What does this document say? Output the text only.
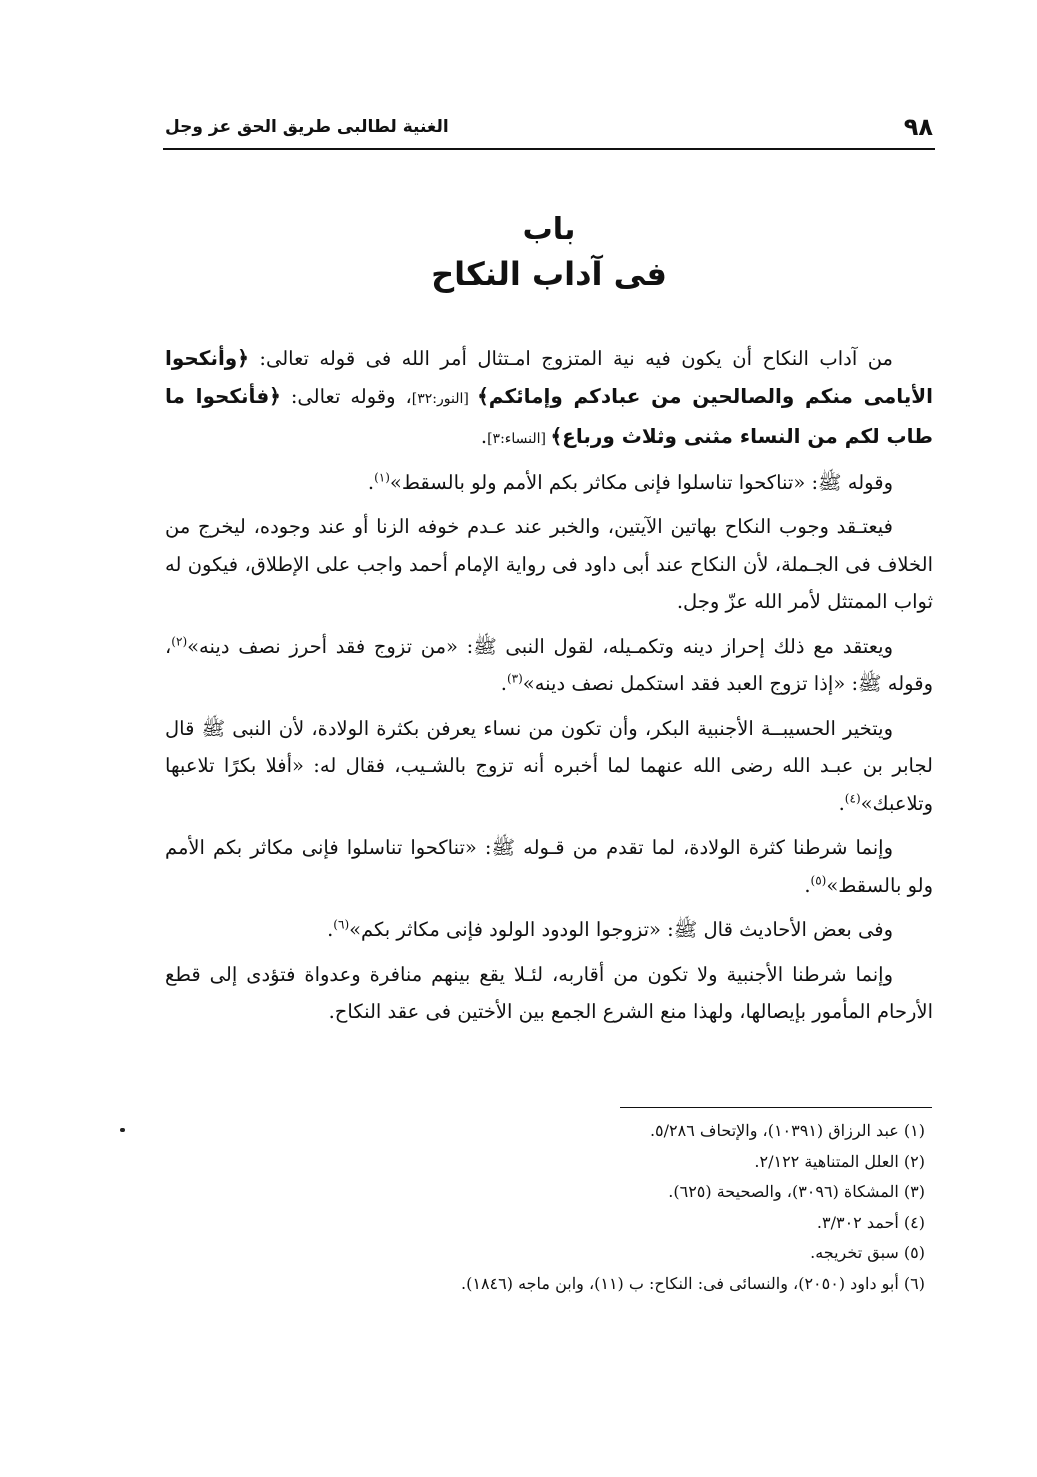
٩٨
الغنية لطالبى طريق الحق عز وجل
باب
فى آداب النكاح

من آداب النكاح أن يكون فيه نية المتزوج امـتثال أمر الله فى قوله تعالى: ﴿وأنكحوا الأيامى منكم والصالحين من عبادكم وإمائكم﴾ [النور:٣٢]، وقوله تعالى: ﴿فأنكحوا ما طاب لكم من النساء مثنى وثلاث ورباع﴾ [النساء:٣].

وقوله ﷺ: «تناكحوا تناسلوا فإنى مكاثر بكم الأمم ولو بالسقط»$^{(١)}$.

فيعتـقد وجوب النكاح بهاتين الآيتين، والخبر عند عـدم خوفه الزنا أو عند وجوده، ليخرج من الخلاف فى الجـملة، لأن النكاح عند أبى داود فى رواية الإمام أحمد واجب على الإطلاق، فيكون له ثواب الممتثل لأمر الله عزّ وجل.

ويعتقد مع ذلك إحراز دينه وتكمـيله، لقول النبى ﷺ: «من تزوج فقد أحرز نصف دينه»$^{(٢)}$، وقوله ﷺ: «إذا تزوج العبد فقد استكمل نصف دينه»$^{(٣)}$.

ويتخير الحسيبــة الأجنبية البكر، وأن تكون من نساء يعرفن بكثرة الولادة، لأن النبى ﷺ قال لجابر بن عبـد الله رضى الله عنهما لما أخبره أنه تزوج بالشـيب، فقال له: «أفلا بكرًا تلاعبها وتلاعبك»$^{(٤)}$.

وإنما شرطنا كثرة الولادة، لما تقدم من قـوله ﷺ: «تناكحوا تناسلوا فإنى مكاثر بكم الأمم ولو بالسقط»$^{(٥)}$.

وفى بعض الأحاديث قال ﷺ: «تزوجوا الودود الولود فإنى مكاثر بكم»$^{(٦)}$.

وإنما شرطنا الأجنبية ولا تكون من أقاربه، لئـلا يقع بينهم منافرة وعدواة فتؤدى إلى قطع الأرحام المأمور بإيصالها، ولهذا منع الشرع الجمع بين الأختين فى عقد النكاح.

(١) عبد الرزاق (١٠٣٩١)، والإتحاف ٥/٢٨٦.

(٢) العلل المتناهية ٢/١٢٢.

(٣) المشكاة (٣٠٩٦)، والصحيحة (٦٢٥).

(٤) أحمد ٣/٣٠٢.

(٥) سبق تخريجه.

(٦) أبو داود (٢٠٥٠)، والنسائى فى: النكاح: ب (١١)، وابن ماجه (١٨٤٦).
